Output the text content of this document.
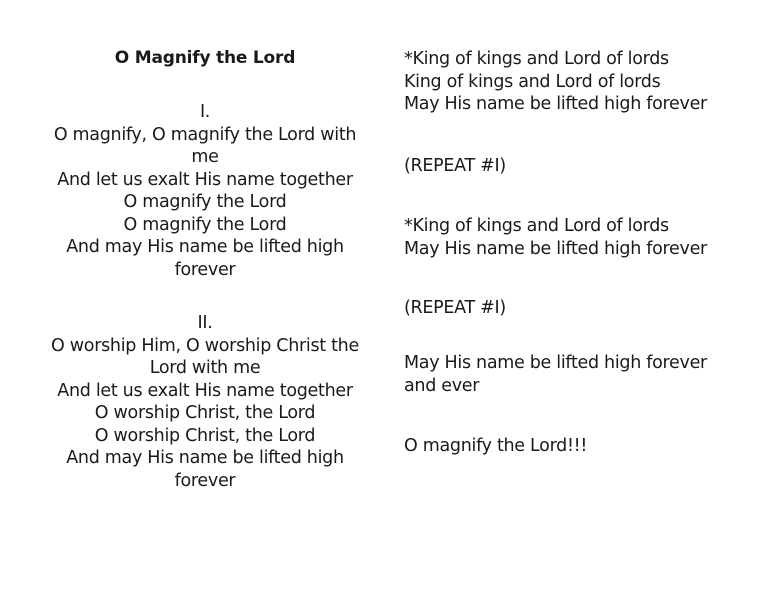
O Magnify the Lord
I.
O magnify, O magnify the Lord with me
And let us exalt His name together
O magnify the Lord
O magnify the Lord
And may His name be lifted high forever
II.
O worship Him, O worship Christ the Lord with me
And let us exalt His name together
O worship Christ, the Lord
O worship Christ, the Lord
And may His name be lifted high forever
*King of kings and Lord of lords
King of kings and Lord of lords
May His name be lifted high forever
(REPEAT #I)
*King of kings and Lord of lords
May His name be lifted high forever
(REPEAT #I)
May His name be lifted high forever
and ever
O magnify the Lord!!!
